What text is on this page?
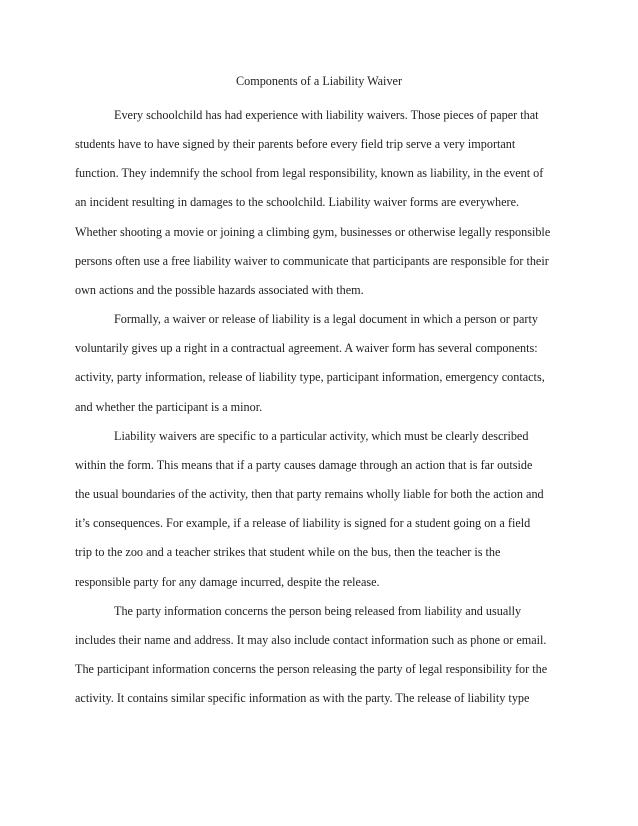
Components of a Liability Waiver
Every schoolchild has had experience with liability waivers. Those pieces of paper that
students have to have signed by their parents before every field trip serve a very important
function. They indemnify the school from legal responsibility, known as liability, in the event of
an incident resulting in damages to the schoolchild. Liability waiver forms are everywhere.
Whether shooting a movie or joining a climbing gym, businesses or otherwise legally responsible
persons often use a free liability waiver to communicate that participants are responsible for their
own actions and the possible hazards associated with them.
Formally, a waiver or release of liability is a legal document in which a person or party
voluntarily gives up a right in a contractual agreement. A waiver form has several components:
activity, party information, release of liability type, participant information, emergency contacts,
and whether the participant is a minor.
Liability waivers are specific to a particular activity, which must be clearly described
within the form. This means that if a party causes damage through an action that is far outside
the usual boundaries of the activity, then that party remains wholly liable for both the action and
it’s consequences. For example, if a release of liability is signed for a student going on a field
trip to the zoo and a teacher strikes that student while on the bus, then the teacher is the
responsible party for any damage incurred, despite the release.
The party information concerns the person being released from liability and usually
includes their name and address. It may also include contact information such as phone or email.
The participant information concerns the person releasing the party of legal responsibility for the
activity. It contains similar specific information as with the party. The release of liability type
